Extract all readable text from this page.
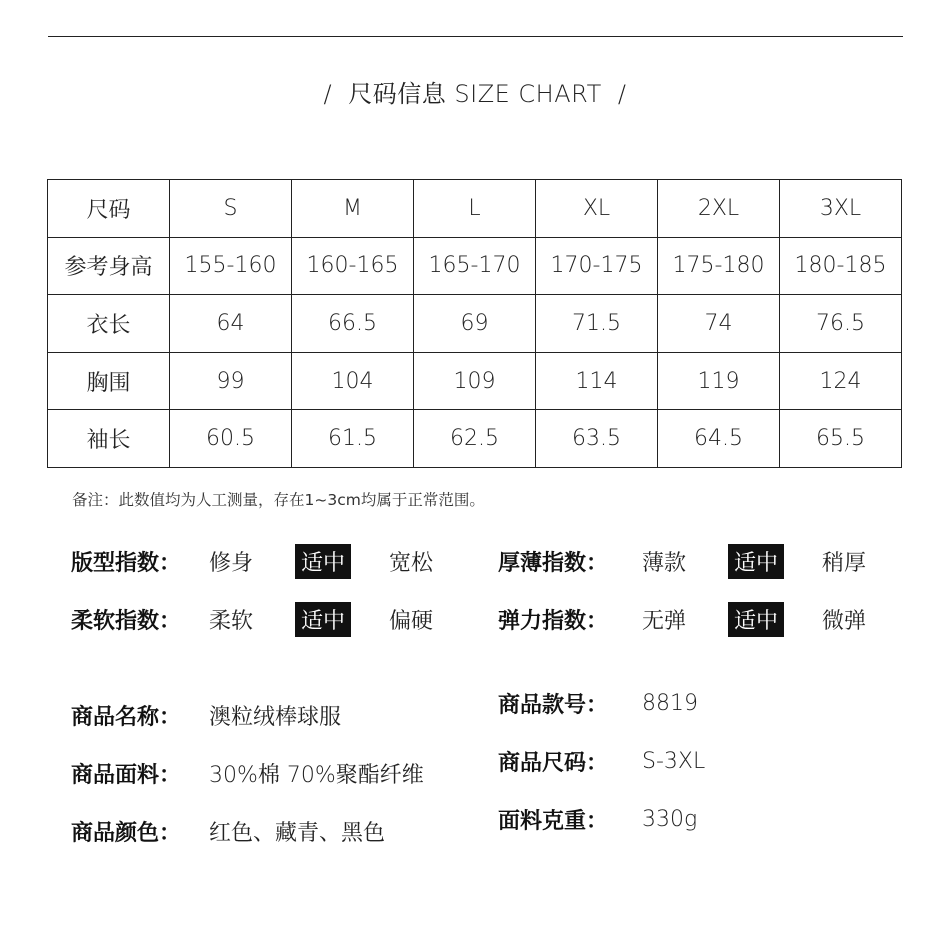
/ 尺码信息 SIZE CHART /
尺码	S	M	L	XL	2XL	3XL
参考身高	155-160	160-165	165-170	170-175	175-180	180-185
衣长	64	66.5	69	71.5	74	76.5
胸围	99	104	109	114	119	124
袖长	60.5	61.5	62.5	63.5	64.5	65.5
备注：此数值均为人工测量，存在1~3cm均属于正常范围。
版型指数：	修身	适中 宽松
柔软指数：	柔软	适中 偏硬
厚薄指数：	薄款	适中 稍厚
弹力指数：	无弹	适中 微弹
商品名称：	澳粒绒棒球服
商品面料：	30%棉 70%聚酯纤维
商品颜色：	红色、藏青、黑色
商品款号：	8819
商品尺码：	S-3XL
面料克重：	330g
